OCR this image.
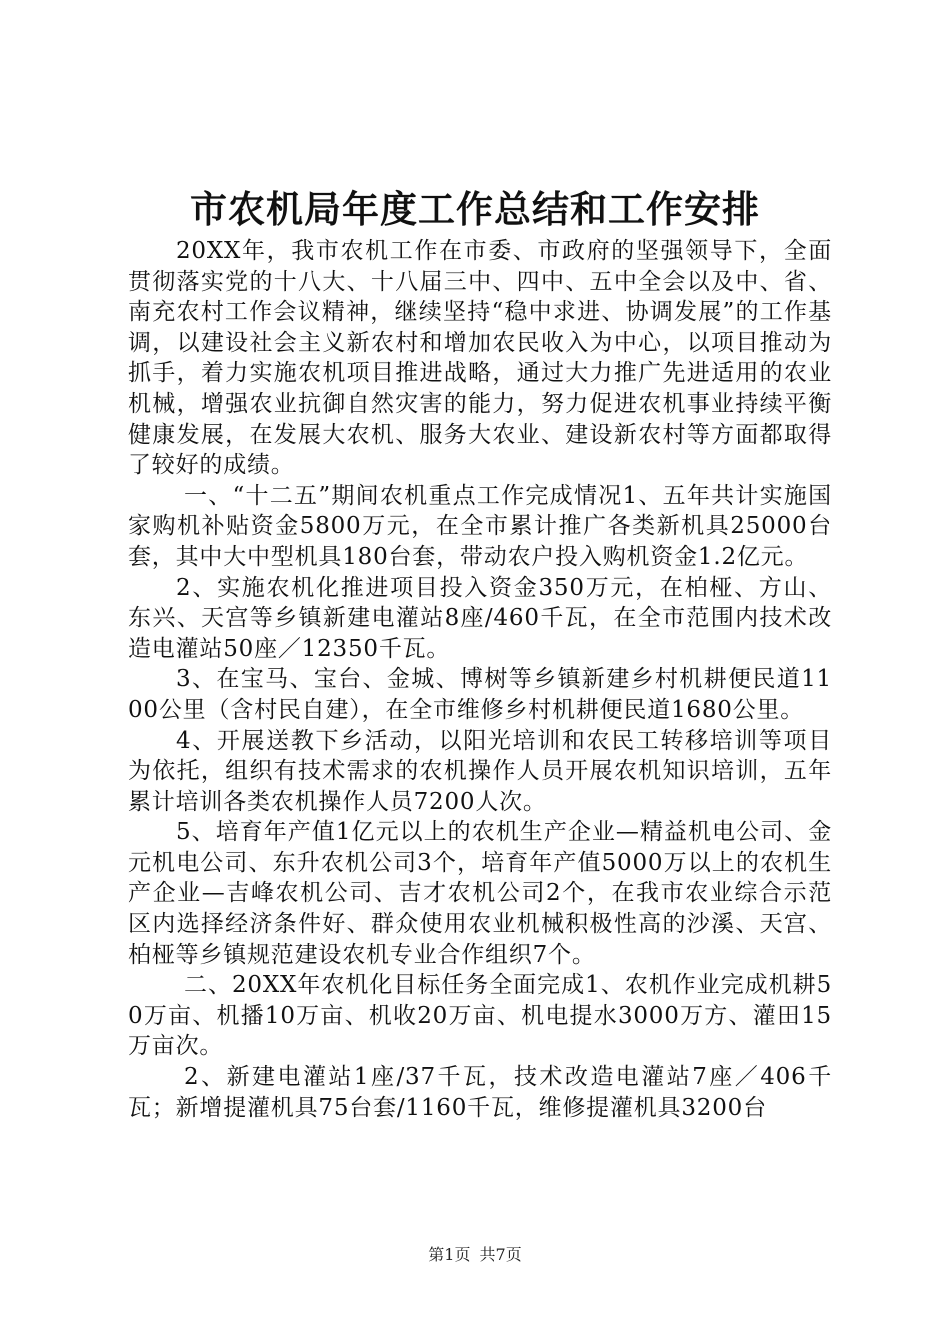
市农机局年度工作总结和工作安排

20XX年，我市农机工作在市委、市政府的坚强领导下，全面贯彻落实党的十八大、十八届三中、四中、五中全会以及中、省、南充农村工作会议精神，继续坚持“稳中求进、协调发展”的工作基调，以建设社会主义新农村和增加农民收入为中心，以项目推动为抓手，着力实施农机项目推进战略，通过大力推广先进适用的农业机械，增强农业抗御自然灾害的能力，努力促进农机事业持续平衡健康发展，在发展大农机、服务大农业、建设新农村等方面都取得了较好的成绩。

一、“十二五”期间农机重点工作完成情况1、五年共计实施国家购机补贴资金5800万元，在全市累计推广各类新机具25000台套，其中大中型机具180台套，带动农户投入购机资金1.2亿元。

2、实施农机化推进项目投入资金350万元，在柏桠、方山、东兴、天宫等乡镇新建电灌站8座/460千瓦，在全市范围内技术改造电灌站50座／12350千瓦。

3、在宝马、宝台、金城、博树等乡镇新建乡村机耕便民道1100公里（含村民自建），在全市维修乡村机耕便民道1680公里。

4、开展送教下乡活动，以阳光培训和农民工转移培训等项目为依托，组织有技术需求的农机操作人员开展农机知识培训，五年累计培训各类农机操作人员7200人次。

5、培育年产值1亿元以上的农机生产企业—精益机电公司、金元机电公司、东升农机公司3个，培育年产值5000万以上的农机生产企业—吉峰农机公司、吉才农机公司2个，在我市农业综合示范区内选择经济条件好、群众使用农业机械积极性高的沙溪、天宫、柏桠等乡镇规范建设农机专业合作组织7个。

二、20XX年农机化目标任务全面完成1、农机作业完成机耕50万亩、机播10万亩、机收20万亩、机电提水3000万方、灌田15万亩次。

2、新建电灌站1座/37千瓦，技术改造电灌站7座／406千瓦；新增提灌机具75台套/1160千瓦，维修提灌机具3200台

第1页 共7页
